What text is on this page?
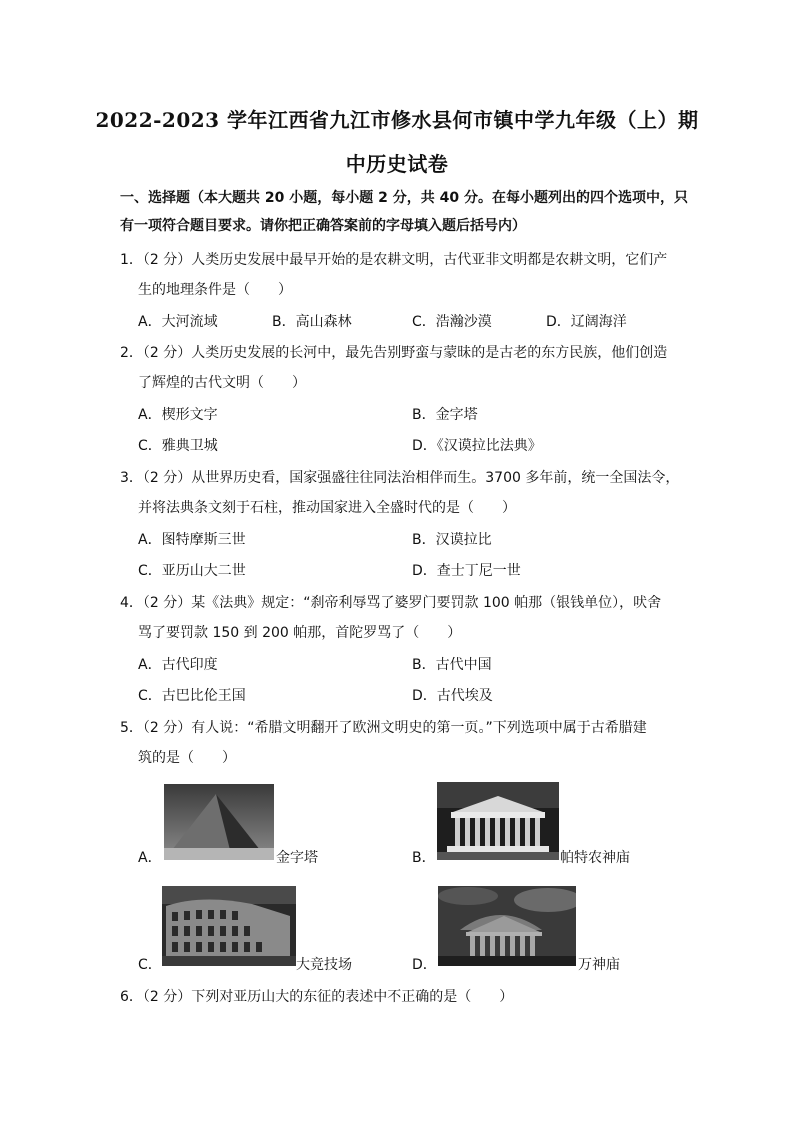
2022-2023 学年江西省九江市修水县何市镇中学九年级（上）期
中历史试卷
一、选择题（本大题共 20 小题，每小题 2 分，共 40 分。在每小题列出的四个选项中，只
有一项符合题目要求。请你把正确答案前的字母填入题后括号内）
1．（2 分）人类历史发展中最早开始的是农耕文明，古代亚非文明都是农耕文明，它们产
生的地理条件是（　　）
A．大河流域	B．高山森林	C．浩瀚沙漠	D．辽阔海洋
2．（2 分）人类历史发展的长河中，最先告别野蛮与蒙昧的是古老的东方民族，他们创造
了辉煌的古代文明（　　）
A．楔形文字	B．金字塔
C．雅典卫城	D．《汉谟拉比法典》
3．（2 分）从世界历史看，国家强盛往往同法治相伴而生。3700 多年前，统一全国法令，
并将法典条文刻于石柱，推动国家进入全盛时代的是（　　）
A．图特摩斯三世	B．汉谟拉比
C．亚历山大二世	D．查士丁尼一世
4．（2 分）某《法典》规定：“刹帝利辱骂了婆罗门要罚款 100 帕那（银钱单位），吠舍
骂了要罚款 150 到 200 帕那，首陀罗骂了（　　）
A．古代印度	B．古代中国
C．古巴比伦王国	D．古代埃及
5．（2 分）有人说：“希腊文明翻开了欧洲文明史的第一页。”下列选项中属于古希腊建
筑的是（　　）
A．	金字塔	B．	帕特农神庙
C．	大竞技场	D．	万神庙
6．（2 分）下列对亚历山大的东征的表述中不正确的是（　　）
